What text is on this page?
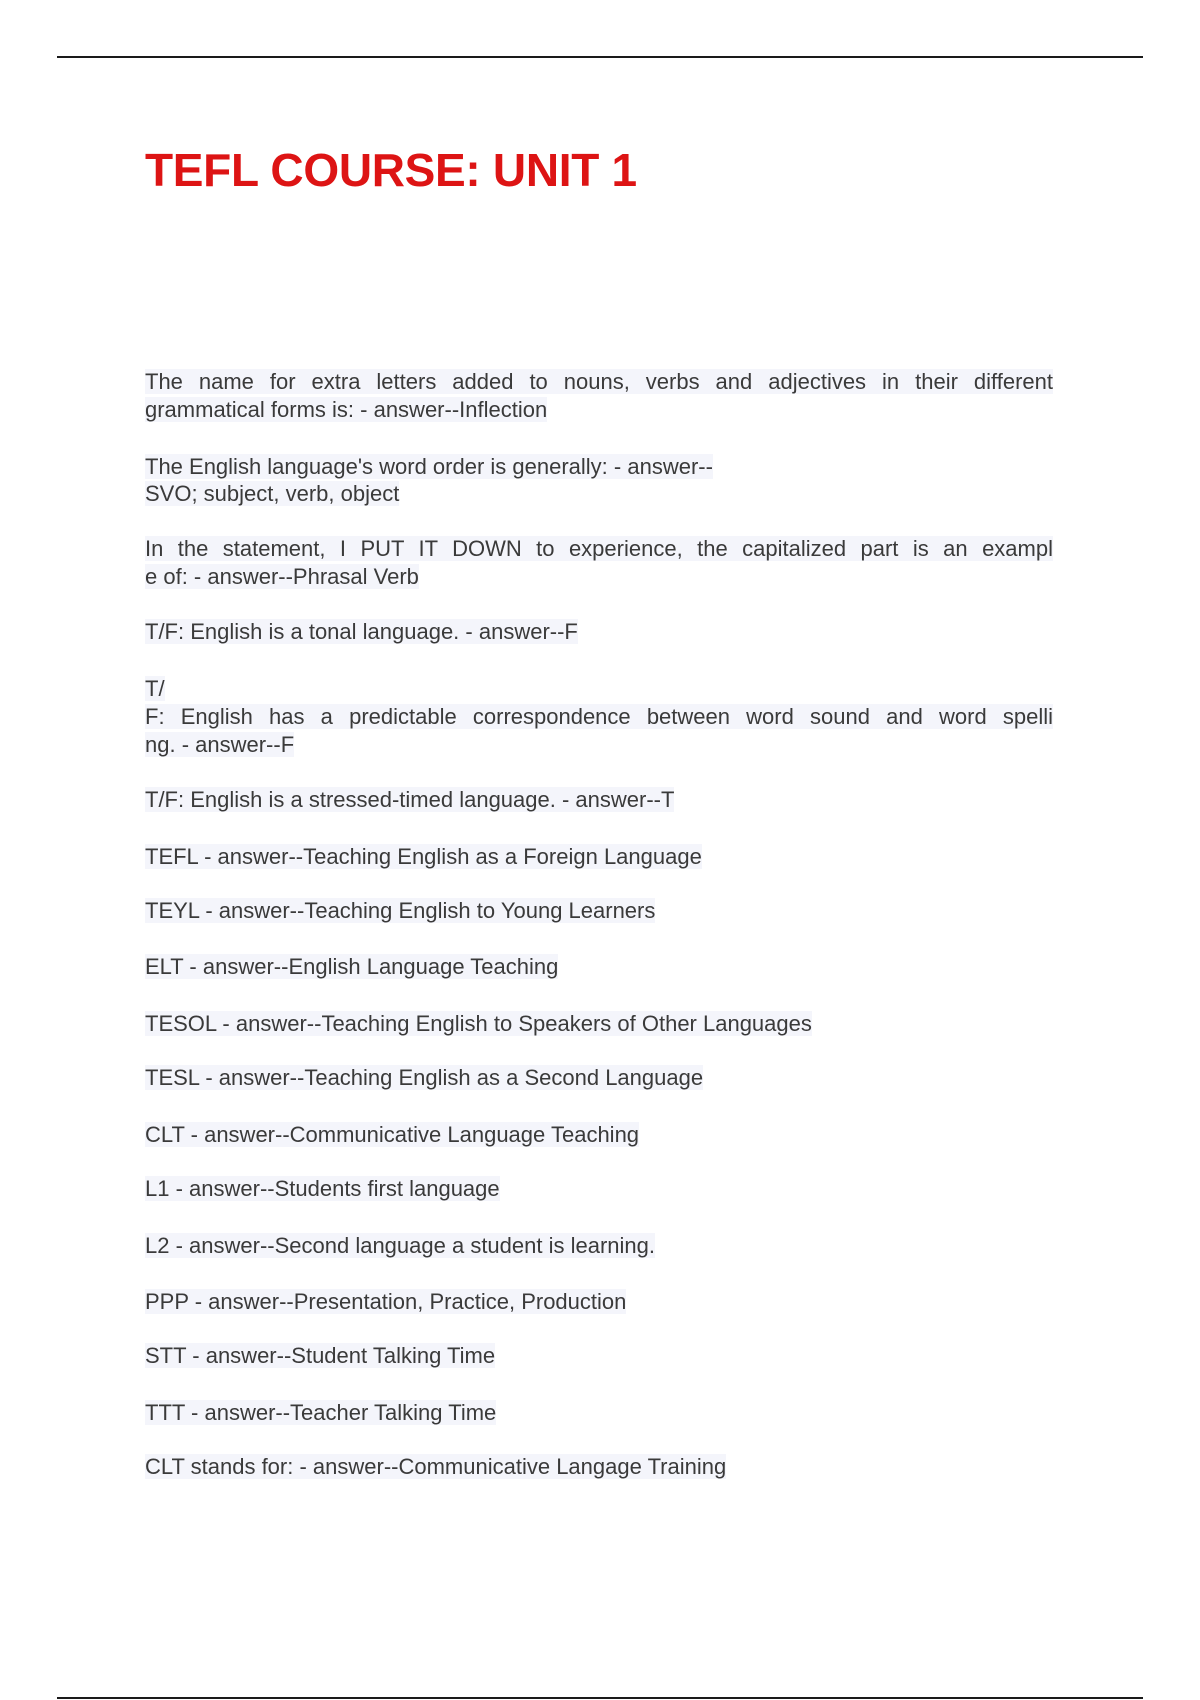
TEFL COURSE: UNIT 1

The name for extra letters added to nouns, verbs and adjectives in their different

grammatical forms is: - answer--Inflection

The English language's word order is generally: - answer--

SVO; subject, verb, object

In the statement, I PUT IT DOWN to experience, the capitalized part is an exampl

e of: - answer--Phrasal Verb

T/F: English is a tonal language. - answer--F

T/

F: English has a predictable correspondence between word sound and word spelli

ng. - answer--F

T/F: English is a stressed-timed language. - answer--T

TEFL - answer--Teaching English as a Foreign Language

TEYL - answer--Teaching English to Young Learners

ELT - answer--English Language Teaching

TESOL - answer--Teaching English to Speakers of Other Languages

TESL - answer--Teaching English as a Second Language

CLT - answer--Communicative Language Teaching

L1 - answer--Students first language

L2 - answer--Second language a student is learning.

PPP - answer--Presentation, Practice, Production

STT - answer--Student Talking Time

TTT - answer--Teacher Talking Time

CLT stands for: - answer--Communicative Langage Training
